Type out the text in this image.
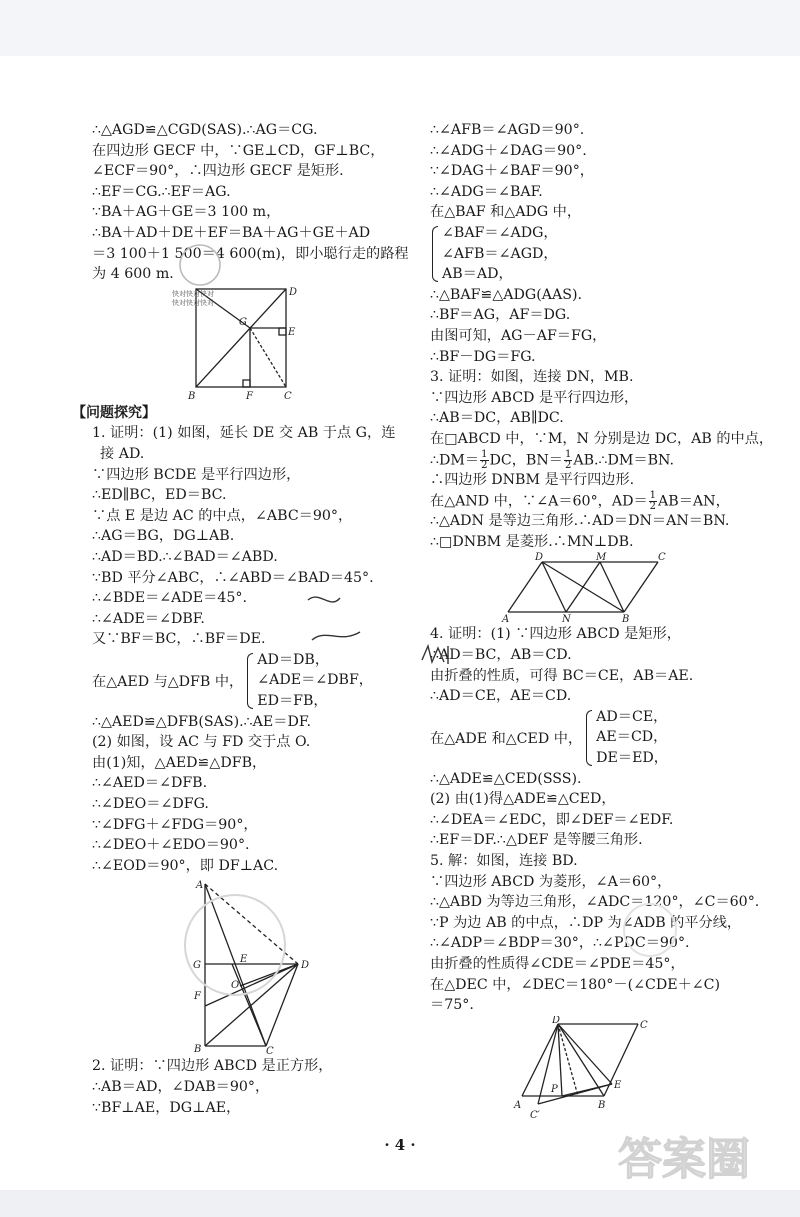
∴△AGD≌△CGD(SAS).∴AG＝CG.
在四边形 GECF 中，∵GE⊥CD，GF⊥BC，
∠ECF＝90°，∴四边形 GECF 是矩形.
∴EF＝CG.∴EF＝AG.
∵BA＋AG＋GE＝3 100 m，
∴BA＋AD＋DE＋EF＝BA＋AG＋GE＋AD
＝3 100＋1 500＝4 600(m)，即小聪行走的路程
为 4 600 m.
D
G
E
B	F	C
快对快对快对
快对快对快对
【问题探究】
1. 证明：(1) 如图，延长 DE 交 AB 于点 G，连
接 AD.
∵四边形 BCDE 是平行四边形，
∴ED∥BC，ED＝BC.
∵点 E 是边 AC 的中点，∠ABC＝90°，
∴AG＝BG，DG⊥AB.
∴AD＝BD.∴∠BAD＝∠ABD.
∵BD 平分∠ABC，∴∠ABD＝∠BAD＝45°.
∴∠BDE＝∠ADE＝45°.
∴∠ADE＝∠DBF.
又∵BF＝BC，∴BF＝DE.
在△AED 与△DFB 中，
AD＝DB，
∠ADE＝∠DBF，
ED＝FB，
∴△AED≌△DFB(SAS).∴AE＝DF.
(2) 如图，设 AC 与 FD 交于点 O.
由(1)知，△AED≌△DFB，
∴∠AED＝∠DFB.
∴∠DEO＝∠DFG.
∵∠DFG＋∠FDG＝90°，
∴∠DEO＋∠EDO＝90°.
∴∠EOD＝90°，即 DF⊥AC.
A
G
F
B	C
D
E
O
2. 证明：∵四边形 ABCD 是正方形，
∴AB＝AD，∠DAB＝90°，
∵BF⊥AE，DG⊥AE，
∴∠AFB＝∠AGD＝90°.
∴∠ADG＋∠DAG＝90°.
∵∠DAG＋∠BAF＝90°，
∴∠ADG＝∠BAF.
在△BAF 和△ADG 中，
∠BAF＝∠ADG，
∠AFB＝∠AGD，
AB＝AD，
∴△BAF≌△ADG(AAS).
∴BF＝AG，AF＝DG.
由图可知，AG－AF＝FG，
∴BF－DG＝FG.
3. 证明：如图，连接 DN，MB.
∵四边形 ABCD 是平行四边形，
∴AB＝DC，AB∥DC.
在□ABCD 中，∵M，N 分别是边 DC，AB 的中点，
∴DM＝ $\frac{1}{2}$ DC，$BN= \frac{1}{2}$ AB.∴DM＝BN.
∴四边形 DNBM 是平行四边形.
在△AND 中，∵∠A＝60°，$AD= \frac{1}{2} AB=AN$，
∴△ADN 是等边三角形.∴AD＝DN＝AN＝BN.
∴□DNBM 是菱形.∴MN⊥DB.
D	M	C
A	N	B
4. 证明：(1) ∵四边形 ABCD 是矩形，
∴AD＝BC，AB＝CD.
由折叠的性质，可得 BC＝CE，AB＝AE.
∴AD＝CE，AE＝CD.
在△ADE 和△CED 中，
AD＝CE，
AE＝CD，
DE＝ED，
∴△ADE≌△CED(SSS).
(2) 由(1)得△ADE≌△CED，
∴∠DEA＝∠EDC，即∠DEF＝∠EDF.
∴EF＝DF.∴△DEF 是等腰三角形.
5. 解：如图，连接 BD.
∵四边形 ABCD 为菱形，∠A＝60°，
∴△ABD 为等边三角形，∠ADC＝120°，∠C＝60°.
∵P 为边 AB 的中点，∴DP 为∠ADB 的平分线，
∴∠ADP＝∠BDP＝30°，∴∠PDC＝90°.
由折叠的性质得∠CDE＝∠PDE＝45°，
在△DEC 中，∠DEC＝180°－(∠CDE＋∠C)
＝75°.
D	C
P	E
A
C′
B
· 4 ·	答案圈
